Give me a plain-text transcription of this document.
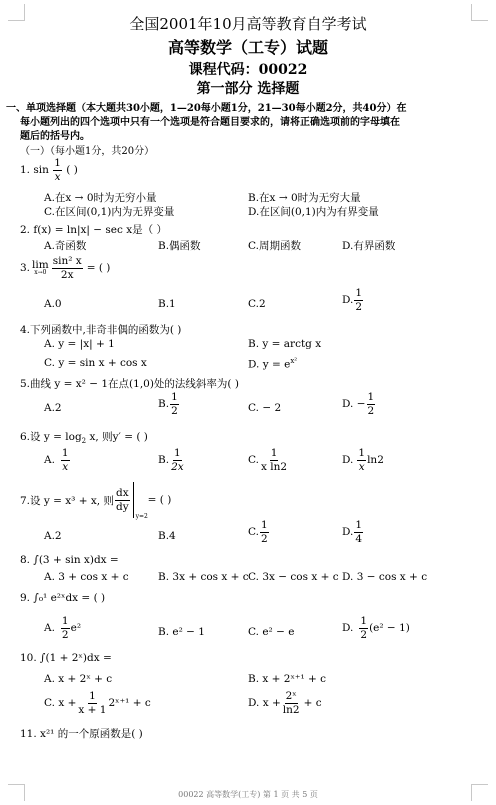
全国2001年10月高等教育自学考试
高等数学（工专）试题
课程代码：00022
第一部分 选择题
一、单项选择题（本大题共30小题，1—20每小题1分，21—30每小题2分，共40分）在
每小题列出的四个选项中只有一个选项是符合题目要求的，请将正确选项前的字母填在
题后的括号内。
（一）（每小题1分，共20分）
1. $\sin \frac{1}{x}$ ( )
A.在x → 0时为无穷小量	B.在x → 0时为无穷大量
C.在区间(0,1)内为无界变量	D.在区间(0,1)内为有界变量
2. f(x) = ln|x| − sec x是（ ）
A.奇函数	B.偶函数	C.周期函数	D.有界函数
3. lim
$x\to 0 \frac{\text{sin² x}}{2x}$ = ( )
A.0	B.1	C.2	D. $\frac{1}{2}$
4.下列函数中,非奇非偶的函数为( )
A. y = |x| + 1	B. y = arctg x
C. y = sin x + cos x	D. $y = e^{x^2}$
5.曲线 y = x² − 1在点(1,0)处的法线斜率为( )
A.2	B. $\frac{1}{2}$	C. − 2	D. − $\frac{1}{2}$
6.设 $y = \log_2 x$, 则y′ = ( )
A. $\frac{1}{x}$	B. $\frac{1}{2x}$	C. $\frac{1}{\text{x ln2}}$	D. $\frac{1}{x} \ln 2$
7.设 y = x³ + x, 则 $\frac{dx}{dy}$
y=2
= ( )
A.2	B.4	C. $\frac{1}{2}$	D. $\frac{1}{4}$
8. ∫(3 + sin x)dx =
A. 3 + cos x + c	B. 3x + cos x + c C. 3x − cos x + c D. 3 − cos x + c
9. ∫₀¹ e²ˣdx = ( )
A. $\frac{1}{2} e^2$	B. e² − 1	C. e² − e	D. $\frac{1}{2} (e^2 - 1)$
10. ∫(1 + 2ˣ)dx =
A. x + 2ˣ + c	B. x + 2ˣ⁺¹ + c
C. $x + \frac{1}{x + 1}$ 2ˣ⁺¹ + c	D. $x + \frac{\text{2ˣ}}{\ln 2} + c$
11. x²¹ 的一个原函数是( )
00022 高等数学(工专) 第 1 页 共 5 页
